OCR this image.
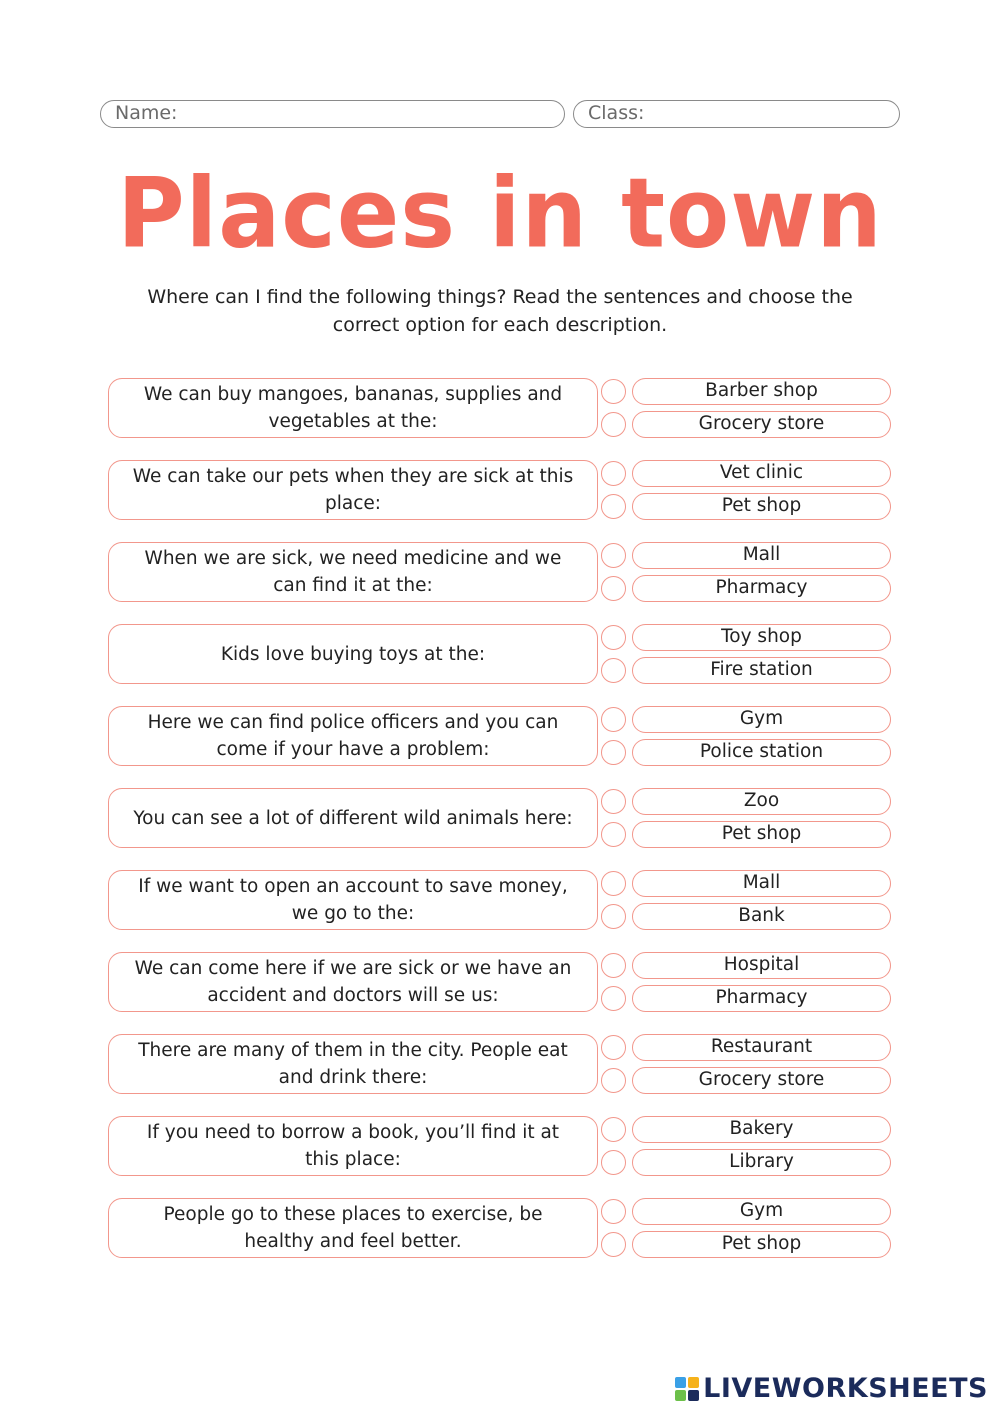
Name:	Class:
Places in town
Where can I find the following things? Read the sentences and choose the correct option for each description.
We can buy mangoes, bananas, supplies and vegetables at the:
Barber shop
Grocery store
We can take our pets when they are sick at this place:
Vet clinic
Pet shop
When we are sick, we need medicine and we can find it at the:
Mall
Pharmacy
Kids love buying toys at the:
Toy shop
Fire station
Here we can find police officers and you can come if your have a problem:
Gym
Police station
You can see a lot of different wild animals here:
Zoo
Pet shop
If we want to open an account to save money, we go to the:
Mall
Bank
We can come here if we are sick or we have an accident and doctors will se us:
Hospital
Pharmacy
There are many of them in the city. People eat and drink there:
Restaurant
Grocery store
If you need to borrow a book, you’ll find it at this place:
Bakery
Library
People go to these places to exercise, be healthy and feel better.
Gym
Pet shop
LIVEWORKSHEETS
